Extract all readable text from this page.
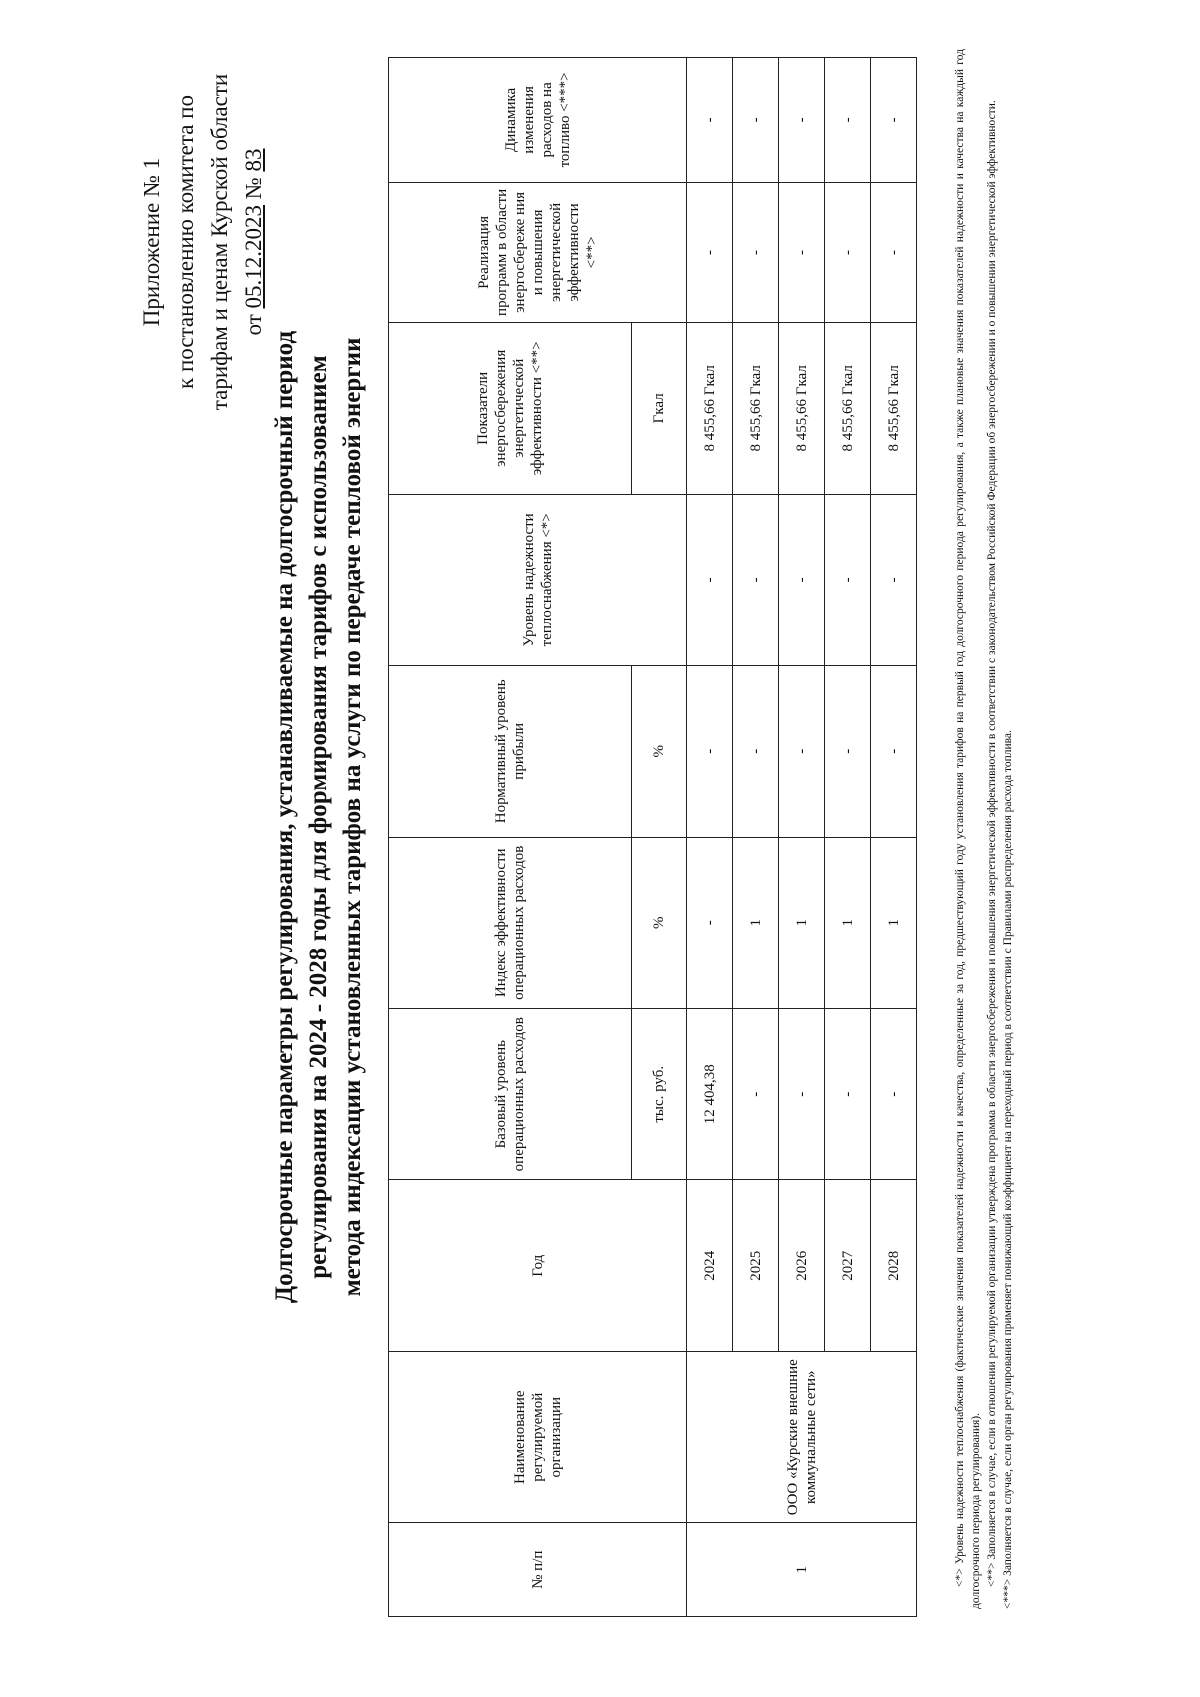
Приложение № 1 к постановлению комитета по тарифам и ценам Курской области от 05.12.2023 № 83
Долгосрочные параметры регулирования, устанавливаемые на долгосрочный период регулирования на 2024 - 2028 годы для формирования тарифов с использованием метода индексации установленных тарифов на услуги по передаче тепловой энергии
№ п/п	Наименование регулируемой организации	Год	Базовый уровень операционных расходов	Индекс эффективности операционных расходов	Нормативный уровень прибыли	Уровень надежности теплоснабжения <*>	Показатели энергосбережения энергетической эффективности <**>	Реализация программ в области энергосбереже ния и повышения энергетической эффективности <**>	Динамика изменения расходов на топливо <***>
			тыс. руб.	%	%		Гкал		
1	ООО «Курские внешние коммунальные сети»	2024	12 404,38	-	-	-	8 455,66 Гкал	-	-
		2025	-	1	-	-	8 455,66 Гкал	-	-
		2026	-	1	-	-	8 455,66 Гкал	-	-
		2027	-	1	-	-	8 455,66 Гкал	-	-
		2028	-	1	-	-	8 455,66 Гкал	-	-	<*> Уровень надежности теплоснабжения (фактические значения показателей надежности и качества, определенные за год, предшествующий году установления тарифов на первый год долгосрочного периода регулирования, а также плановые значения показателей надежности и качества на каждый год долгосрочного периода регулирования). <**> Заполняется в случае, если в отношении регулируемой организации утверждена программа в области энергосбережения и повышения энергетической эффективности в соответствии с законодательством Российской Федерации об энергосбережении и о повышении энергетической эффективности. <***> Заполняется в случае, если орган регулирования применяет понижающий коэффициент на переходный период в соответствии с Правилами распределения расхода топлива.
